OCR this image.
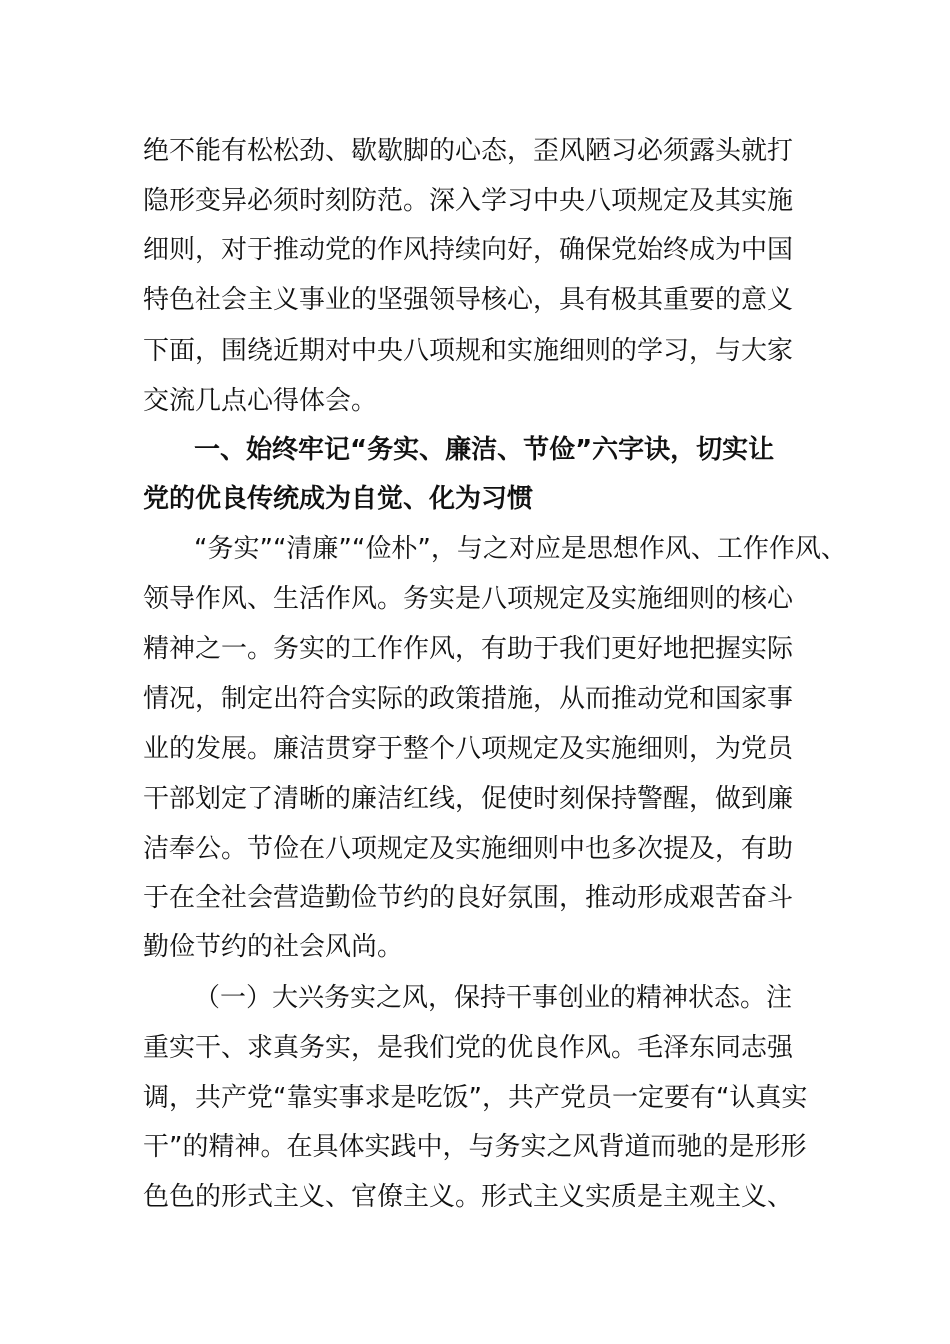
绝不能有松松劲、歇歇脚的心态，歪风陋习必须露头就打
隐形变异必须时刻防范。深入学习中央八项规定及其实施
细则，对于推动党的作风持续向好，确保党始终成为中国
特色社会主义事业的坚强领导核心，具有极其重要的意义
下面，围绕近期对中央八项规和实施细则的学习，与大家
交流几点心得体会。
一、始终牢记“务实、廉洁、节俭”六字诀，切实让
党的优良传统成为自觉、化为习惯
“务实”“清廉”“俭朴”，与之对应是思想作风、工作作风、
领导作风、生活作风。务实是八项规定及实施细则的核心
精神之一。务实的工作作风，有助于我们更好地把握实际
情况，制定出符合实际的政策措施，从而推动党和国家事
业的发展。廉洁贯穿于整个八项规定及实施细则，为党员
干部划定了清晰的廉洁红线，促使时刻保持警醒，做到廉
洁奉公。节俭在八项规定及实施细则中也多次提及，有助
于在全社会营造勤俭节约的良好氛围，推动形成艰苦奋斗
勤俭节约的社会风尚。
（一）大兴务实之风，保持干事创业的精神状态。注
重实干、求真务实，是我们党的优良作风。毛泽东同志强
调，共产党“靠实事求是吃饭”，共产党员一定要有“认真实
干”的精神。在具体实践中，与务实之风背道而驰的是形形
色色的形式主义、官僚主义。形式主义实质是主观主义、
